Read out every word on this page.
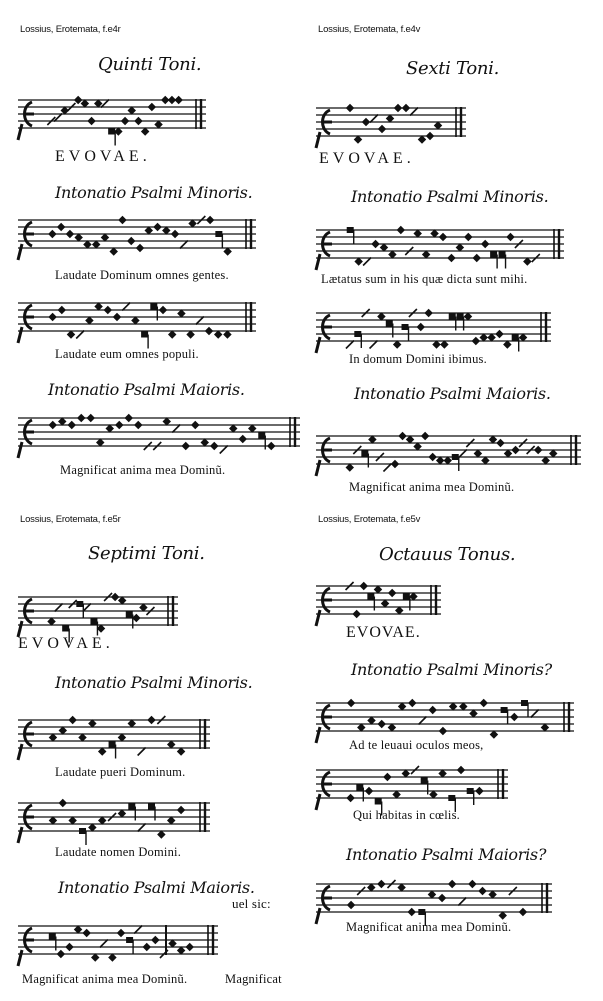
Lossius, Erotemata, f.e4r
Quinti Toni.
EVOVAE.
Intonatio Psalmi Minoris.
Laudate Dominum omnes gentes.
Laudate eum omnes populi.
Intonatio Psalmi Maioris.
Magnificat anima mea Dominũ.
Lossius, Erotemata, f.e4v
Sexti Toni.
EVOVAE.
Intonatio Psalmi Minoris.
Lætatus sum in his quæ dicta sunt mihi.
In domum Domini ibimus.
Intonatio Psalmi Maioris.
Magnificat anima mea Dominũ.
Lossius, Erotemata, f.e5r
Septimi Toni.
EVOVAE.
Intonatio Psalmi Minoris.
Laudate pueri Dominum.
Laudate nomen Domini.
Intonatio Psalmi Maioris.
uel sic:
Magnificat anima mea Dominũ.	Magnificat
Lossius, Erotemata, f.e5v
Octauus Tonus.
EVOVAE.
Intonatio Psalmi Minoris?
Ad te leuaui oculos meos,
Qui habitas in cœlis.
Intonatio Psalmi Maioris?
Magnificat anima mea Dominũ.
